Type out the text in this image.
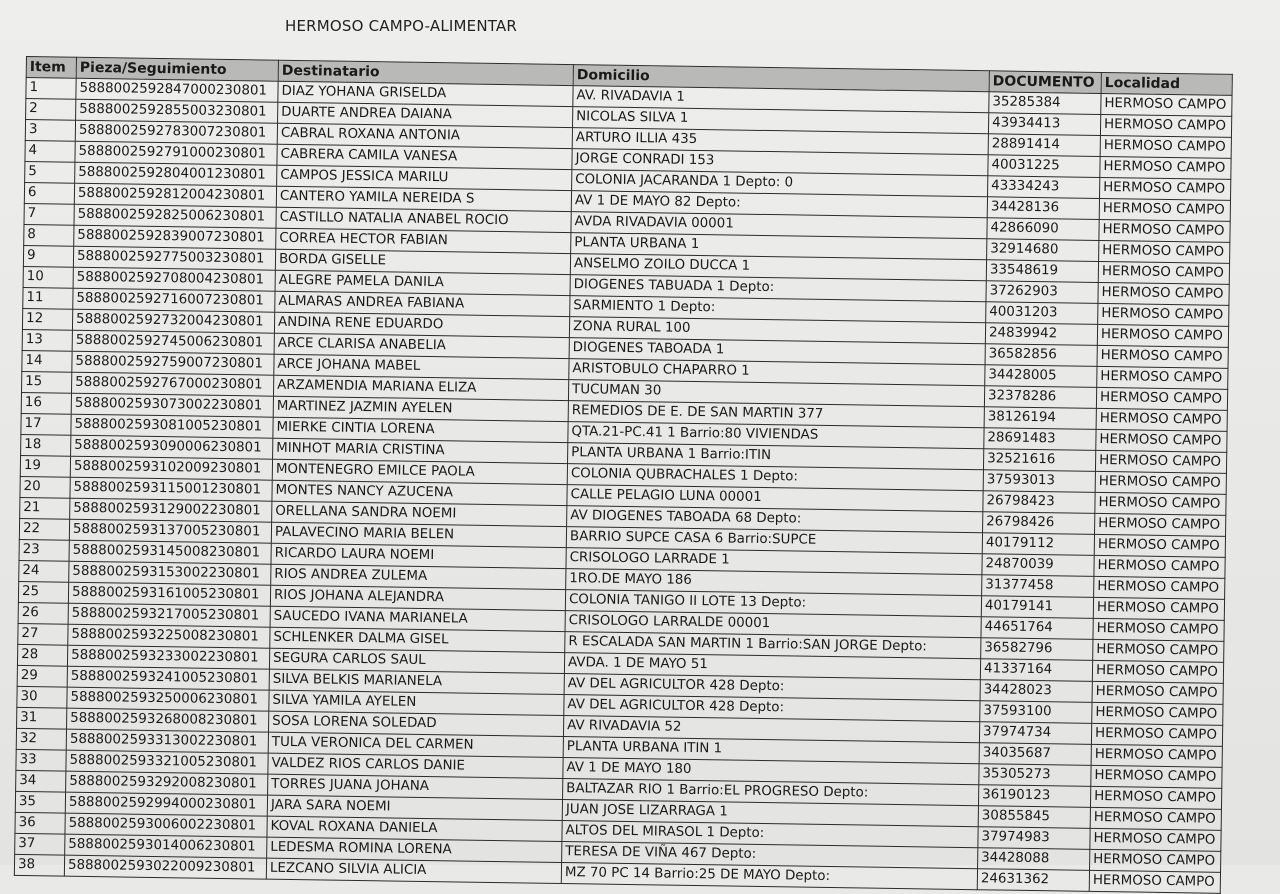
HERMOSO CAMPO-ALIMENTAR
Item	Pieza/Seguimiento	Destinatario	Domicilio	DOCUMENTO	Localidad
1	5888002592847000230801	DIAZ YOHANA GRISELDA	AV. RIVADAVIA 1	35285384	HERMOSO CAMPO
2	5888002592855003230801	DUARTE ANDREA DAIANA	NICOLAS SILVA 1	43934413	HERMOSO CAMPO
3	5888002592783007230801	CABRAL ROXANA ANTONIA	ARTURO ILLIA 435	28891414	HERMOSO CAMPO
4	5888002592791000230801	CABRERA CAMILA VANESA	JORGE CONRADI 153	40031225	HERMOSO CAMPO
5	5888002592804001230801	CAMPOS JESSICA MARILU	COLONIA JACARANDA 1 Depto: 0	43334243	HERMOSO CAMPO
6	5888002592812004230801	CANTERO YAMILA NEREIDA S	AV 1 DE MAYO 82 Depto:	34428136	HERMOSO CAMPO
7	5888002592825006230801	CASTILLO NATALIA ANABEL ROCIO	AVDA RIVADAVIA 00001	42866090	HERMOSO CAMPO
8	5888002592839007230801	CORREA HECTOR FABIAN	PLANTA URBANA 1	32914680	HERMOSO CAMPO
9	5888002592775003230801	BORDA GISELLE	ANSELMO ZOILO DUCCA 1	33548619	HERMOSO CAMPO
10	5888002592708004230801	ALEGRE PAMELA DANILA	DIOGENES TABUADA 1 Depto:	37262903	HERMOSO CAMPO
11	5888002592716007230801	ALMARAS ANDREA FABIANA	SARMIENTO 1 Depto:	40031203	HERMOSO CAMPO
12	5888002592732004230801	ANDINA RENE EDUARDO	ZONA RURAL 100	24839942	HERMOSO CAMPO
13	5888002592745006230801	ARCE CLARISA ANABELIA	DIOGENES TABOADA 1	36582856	HERMOSO CAMPO
14	5888002592759007230801	ARCE JOHANA MABEL	ARISTOBULO CHAPARRO 1	34428005	HERMOSO CAMPO
15	5888002592767000230801	ARZAMENDIA MARIANA ELIZA	TUCUMAN 30	32378286	HERMOSO CAMPO
16	5888002593073002230801	MARTINEZ JAZMIN AYELEN	REMEDIOS DE E. DE SAN MARTIN 377	38126194	HERMOSO CAMPO
17	5888002593081005230801	MIERKE CINTIA LORENA	QTA.21-PC.41 1 Barrio:80 VIVIENDAS	28691483	HERMOSO CAMPO
18	5888002593090006230801	MINHOT MARIA CRISTINA	PLANTA URBANA 1 Barrio:ITIN	32521616	HERMOSO CAMPO
19	5888002593102009230801	MONTENEGRO EMILCE PAOLA	COLONIA QUBRACHALES 1 Depto:	37593013	HERMOSO CAMPO
20	5888002593115001230801	MONTES NANCY AZUCENA	CALLE PELAGIO LUNA 00001	26798423	HERMOSO CAMPO
21	5888002593129002230801	ORELLANA SANDRA NOEMI	AV DIOGENES TABOADA 68 Depto:	26798426	HERMOSO CAMPO
22	5888002593137005230801	PALAVECINO MARIA BELEN	BARRIO SUPCE CASA 6 Barrio:SUPCE	40179112	HERMOSO CAMPO
23	5888002593145008230801	RICARDO LAURA NOEMI	CRISOLOGO LARRADE 1	24870039	HERMOSO CAMPO
24	5888002593153002230801	RIOS ANDREA ZULEMA	1RO.DE MAYO 186	31377458	HERMOSO CAMPO
25	5888002593161005230801	RIOS JOHANA ALEJANDRA	COLONIA TANIGO II LOTE 13 Depto:	40179141	HERMOSO CAMPO
26	5888002593217005230801	SAUCEDO IVANA MARIANELA	CRISOLOGO LARRALDE 00001	44651764	HERMOSO CAMPO
27	5888002593225008230801	SCHLENKER DALMA GISEL	R ESCALADA SAN MARTIN 1 Barrio:SAN JORGE Depto:	36582796	HERMOSO CAMPO
28	5888002593233002230801	SEGURA CARLOS SAUL	AVDA. 1 DE MAYO 51	41337164	HERMOSO CAMPO
29	5888002593241005230801	SILVA BELKIS MARIANELA	AV DEL AGRICULTOR 428 Depto:	34428023	HERMOSO CAMPO
30	5888002593250006230801	SILVA YAMILA AYELEN	AV DEL AGRICULTOR 428 Depto:	37593100	HERMOSO CAMPO
31	5888002593268008230801	SOSA LORENA SOLEDAD	AV RIVADAVIA 52	37974734	HERMOSO CAMPO
32	5888002593313002230801	TULA VERONICA DEL CARMEN	PLANTA URBANA ITIN 1	34035687	HERMOSO CAMPO
33	5888002593321005230801	VALDEZ RIOS CARLOS DANIE	AV 1 DE MAYO 180	35305273	HERMOSO CAMPO
34	5888002593292008230801	TORRES JUANA JOHANA	BALTAZAR RIO 1 Barrio:EL PROGRESO Depto:	36190123	HERMOSO CAMPO
35	5888002592994000230801	JARA SARA NOEMI	JUAN JOSE LIZARRAGA 1	30855845	HERMOSO CAMPO
36	5888002593006002230801	KOVAL ROXANA DANIELA	ALTOS DEL MIRASOL 1 Depto:	37974983	HERMOSO CAMPO
37	5888002593014006230801	LEDESMA ROMINA LORENA	TERESA DE VIÑA 467 Depto:	34428088	HERMOSO CAMPO
38	5888002593022009230801	LEZCANO SILVIA ALICIA	MZ 70 PC 14 Barrio:25 DE MAYO Depto:	24631362	HERMOSO CAMPO
